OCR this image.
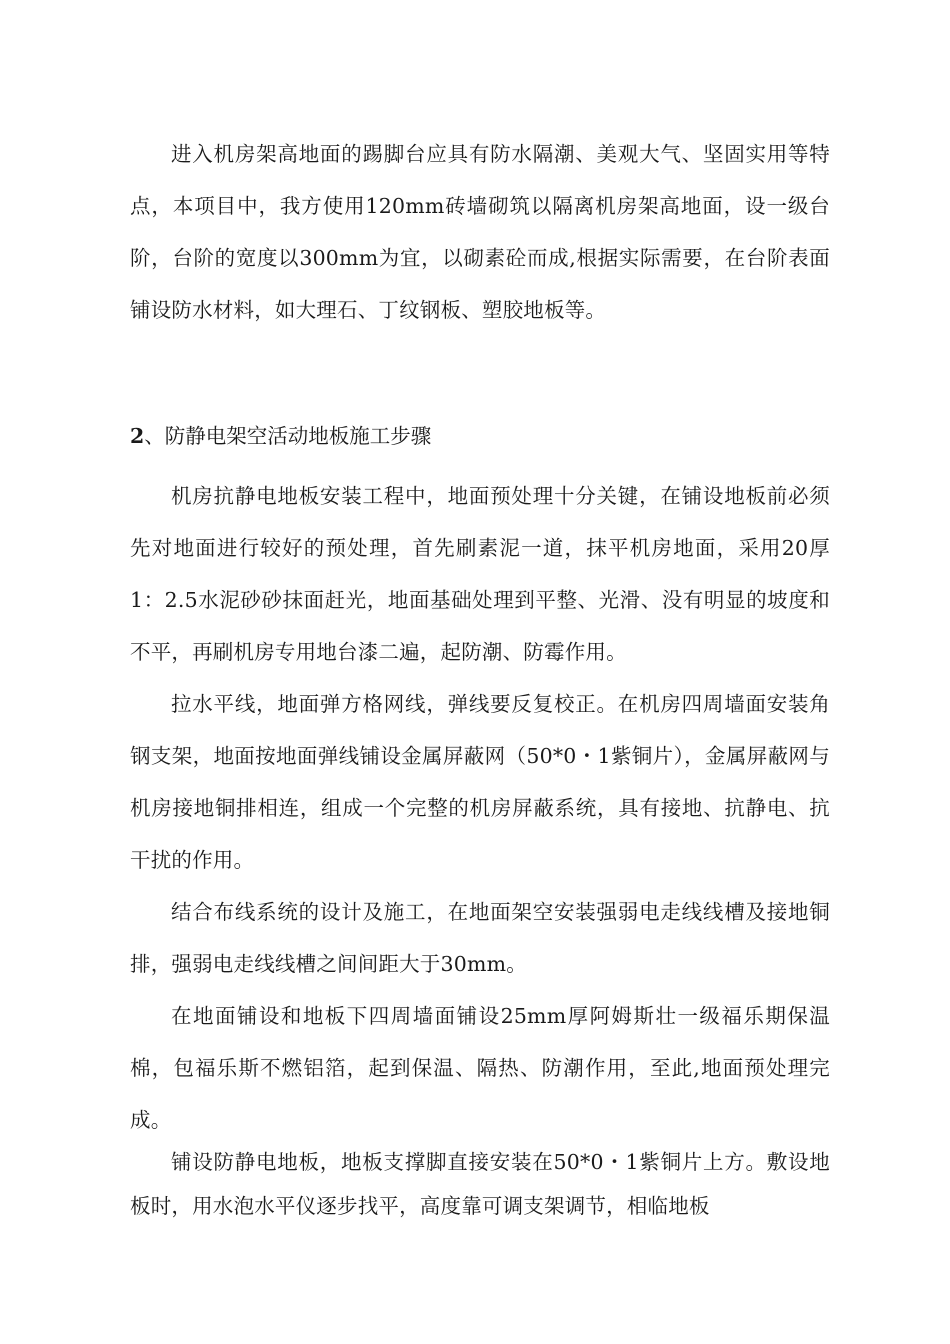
进入机房架高地面的踢脚台应具有防水隔潮、美观大气、坚固实用等特点，本项目中，我方使用120mm砖墙砌筑以隔离机房架高地面，设一级台阶，台阶的宽度以300mm为宜，以砌素砼而成,根据实际需要，在台阶表面铺设防水材料，如大理石、丁纹钢板、塑胶地板等。

2、防静电架空活动地板施工步骤

机房抗静电地板安装工程中，地面预处理十分关键，在铺设地板前必须先对地面进行较好的预处理，首先刷素泥一道，抹平机房地面，采用20厚1：2.5水泥砂砂抹面赶光，地面基础处理到平整、光滑、没有明显的坡度和不平，再刷机房专用地台漆二遍，起防潮、防霉作用。

拉水平线，地面弹方格网线，弹线要反复校正。在机房四周墙面安装角钢支架，地面按地面弹线铺设金属屏蔽网（50*0・1紫铜片），金属屏蔽网与机房接地铜排相连，组成一个完整的机房屏蔽系统，具有接地、抗静电、抗干扰的作用。

结合布线系统的设计及施工，在地面架空安装强弱电走线线槽及接地铜排，强弱电走线线槽之间间距大于30mm。

在地面铺设和地板下四周墙面铺设25mm厚阿姆斯壮一级福乐期保温棉，包福乐斯不燃铝箔，起到保温、隔热、防潮作用，至此,地面预处理完成。

铺设防静电地板，地板支撑脚直接安装在50*0・1紫铜片上方。敷设地板时，用水泡水平仪逐步找平，高度靠可调支架调节，相临地板
